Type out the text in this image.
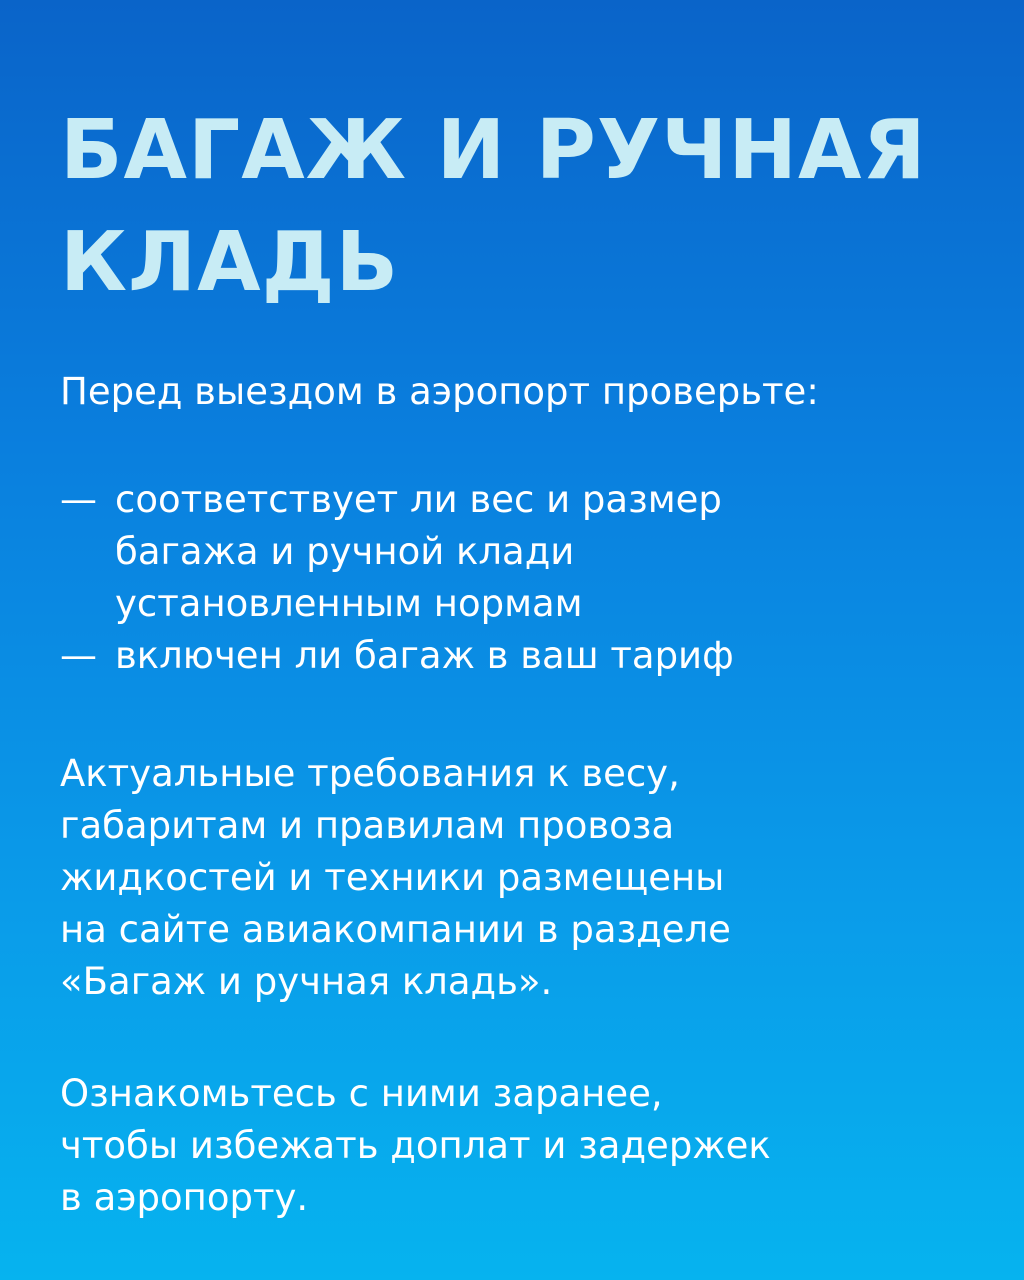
БАГАЖ И РУЧНАЯ
КЛАДЬ

Перед выездом в аэропорт проверьте:

— соответствует ли вес и размер
багажа и ручной клади
установленным нормам
— включен ли багаж в ваш тариф

Актуальные требования к весу,
габаритам и правилам провоза
жидкостей и техники размещены
на сайте авиакомпании в разделе
«Багаж и ручная кладь».

Ознакомьтесь с ними заранее,
чтобы избежать доплат и задержек
в аэропорту.
